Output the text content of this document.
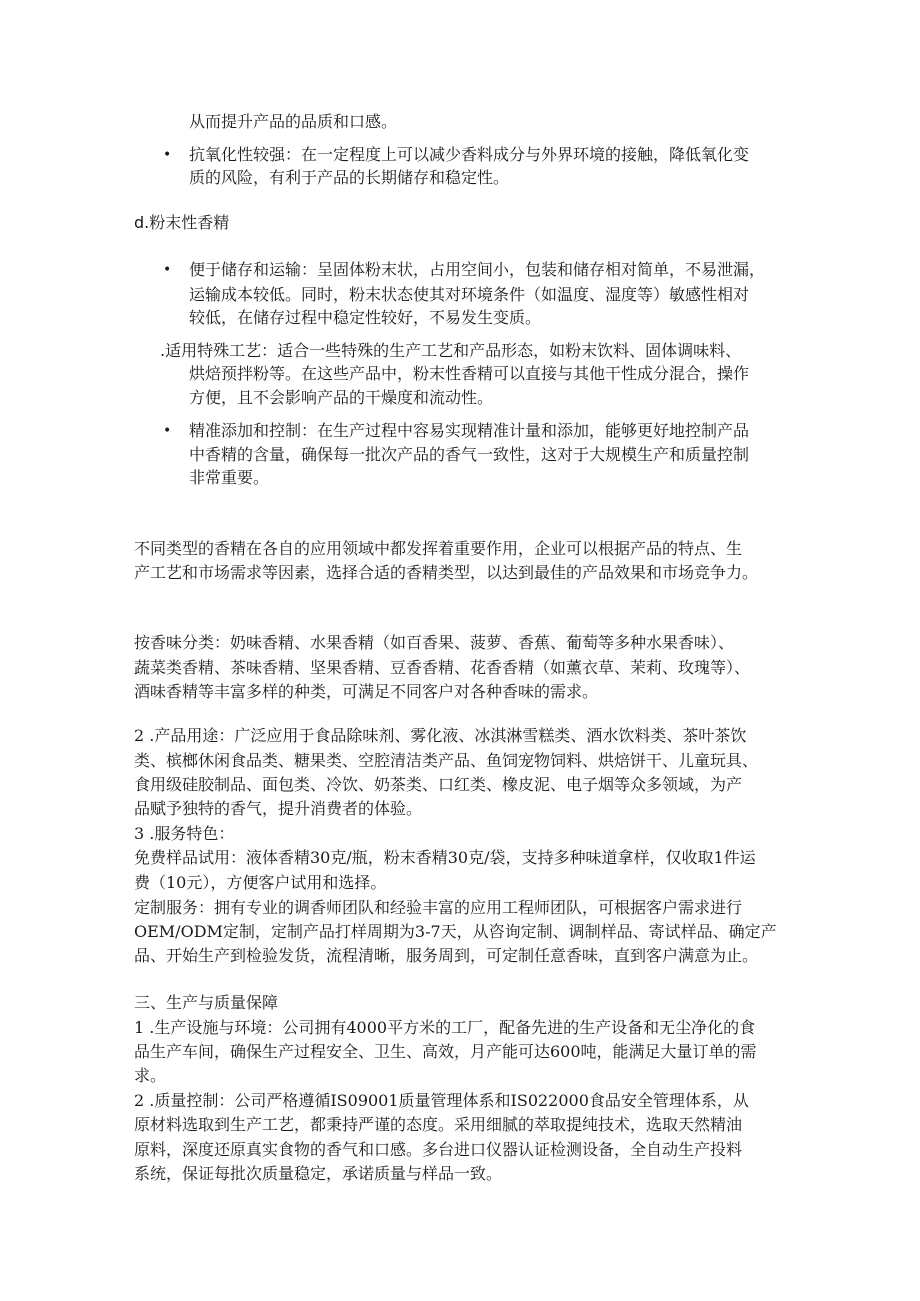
从而提升产品的品质和口感。
• 抗氧化性较强：在一定程度上可以减少香料成分与外界环境的接触，降低氧化变
质的风险，有利于产品的长期储存和稳定性。
d.粉末性香精
• 便于储存和运输：呈固体粉末状，占用空间小，包装和储存相对简单，不易泄漏，
运输成本较低。同时，粉末状态使其对环境条件（如温度、湿度等）敏感性相对
较低，在储存过程中稳定性较好，不易发生变质。
.适用特殊工艺：适合一些特殊的生产工艺和产品形态，如粉末饮料、固体调味料、
烘焙预拌粉等。在这些产品中，粉末性香精可以直接与其他干性成分混合，操作
方便，且不会影响产品的干燥度和流动性。
• 精准添加和控制：在生产过程中容易实现精准计量和添加，能够更好地控制产品
中香精的含量，确保每一批次产品的香气一致性，这对于大规模生产和质量控制
非常重要。
不同类型的香精在各自的应用领域中都发挥着重要作用，企业可以根据产品的特点、生
产工艺和市场需求等因素，选择合适的香精类型，以达到最佳的产品效果和市场竞争力。
按香味分类：奶味香精、水果香精（如百香果、菠萝、香蕉、葡萄等多种水果香味）、
蔬菜类香精、茶味香精、坚果香精、豆香香精、花香香精（如薰衣草、茉莉、玫瑰等）、
酒味香精等丰富多样的种类，可满足不同客户对各种香味的需求。
2 .产品用途：广泛应用于食品除味剂、雾化液、冰淇淋雪糕类、酒水饮料类、茶叶茶饮
类、槟榔休闲食品类、糖果类、空腔清洁类产品、鱼饲宠物饲料、烘焙饼干、儿童玩具、
食用级硅胶制品、面包类、冷饮、奶茶类、口红类、橡皮泥、电子烟等众多领域，为产
品赋予独特的香气，提升消费者的体验。
3 .服务特色：
免费样品试用：液体香精30克/瓶，粉末香精30克/袋，支持多种味道拿样，仅收取1件运
费（10元），方便客户试用和选择。
定制服务：拥有专业的调香师团队和经验丰富的应用工程师团队，可根据客户需求进行
OEM/ODM定制，定制产品打样周期为3-7天，从咨询定制、调制样品、寄试样品、确定产
品、开始生产到检验发货，流程清晰，服务周到，可定制任意香味，直到客户满意为止。
三、生产与质量保障
1 .生产设施与环境：公司拥有4000平方米的工厂，配备先进的生产设备和无尘净化的食
品生产车间，确保生产过程安全、卫生、高效，月产能可达600吨，能满足大量订单的需
求。
2 .质量控制：公司严格遵循IS09001质量管理体系和IS022000食品安全管理体系，从
原材料选取到生产工艺，都秉持严谨的态度。采用细腻的萃取提纯技术，选取天然精油
原料，深度还原真实食物的香气和口感。多台进口仪器认证检测设备，全自动生产投料
系统，保证每批次质量稳定，承诺质量与样品一致。
